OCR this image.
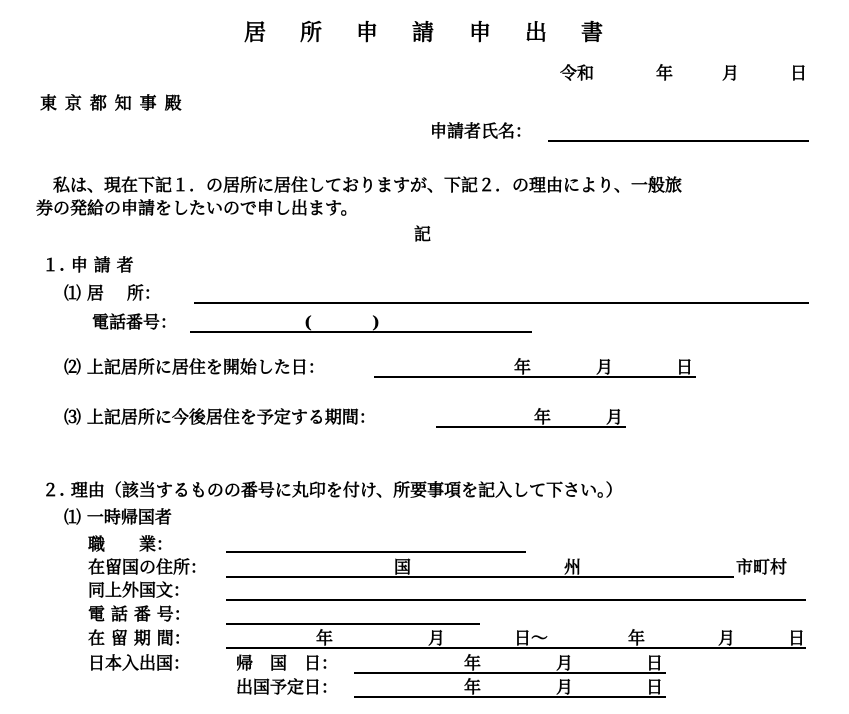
居 所 申 請 申 出 書
令和	年	月	日
東 京 都 知 事 殿
申請者氏名：
　私は、現在下記１．の居所に居住しておりますが、下記２．の理由により、一般旅
券の発給の申請をしたいので申し出ます。
記
１. 申 請 者
⑴ 居　 所：
電話番号：	(	)
⑵ 上記居所に居住を開始した日：	年	月	日
⑶ 上記居所に今後居住を予定する期間：	年	月
２. 理由（該当するものの番号に丸印を付け、所要事項を記入して下さい。）
⑴ 一時帰国者
職　　業：
在留国の住所：	国	州	市町村
同上外国文：
電 話 番 号：
在 留 期 間：	年	月	日～	年	月	日
日本入出国：	帰　国　日：	年	月	日
出国予定日：	年	月	日
